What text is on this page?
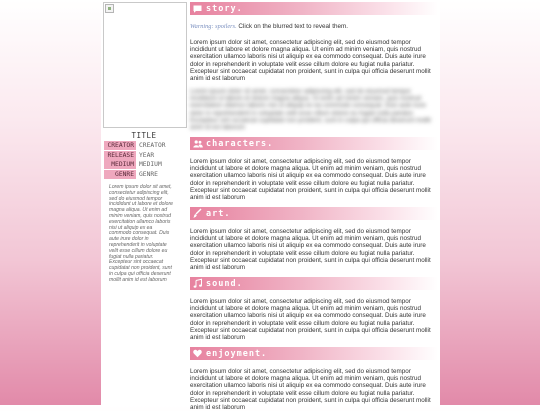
TITLE
CREATOR CREATOR
RELEASE YEAR
MEDIUM MEDIUM
GENRE GENRE
Lorem ipsum dolor sit amet, consectetur adipiscing elit, sed do eiusmod tempor incididunt ut labore et dolore magna aliqua. Ut enim ad minim veniam, quis nostrud exercitation ullamco laboris nisi ut aliquip ex ea commodo consequat. Duis aute irure dolor in reprehenderit in voluptate velit esse cillum dolore eu fugiat nulla pariatur. Excepteur sint occaecat cupidatat non proident, sunt in culpa qui officia deserunt mollit anim id est laborum
story.
Warning: spoilers. Click on the blurred text to reveal them.

Lorem ipsum dolor sit amet, consectetur adipiscing elit, sed do eiusmod tempor incididunt ut labore et dolore magna aliqua. Ut enim ad minim veniam, quis nostrud exercitation ullamco laboris nisi ut aliquip ex ea commodo consequat. Duis aute irure dolor in reprehenderit in voluptate velit esse cillum dolore eu fugiat nulla pariatur. Excepteur sint occaecat cupidatat non proident, sunt in culpa qui officia deserunt mollit anim id est laborum

Lorem ipsum dolor sit amet, consectetur adipiscing elit, sed do eiusmod tempor incididunt ut labore et dolore magna aliqua. Ut enim ad minim veniam, quis nostrud exercitation ullamco laboris nisi ut aliquip ex ea commodo consequat. Duis aute irure dolor in reprehenderit in voluptate velit esse cillum dolore eu fugiat nulla pariatur. Excepteur sint occaecat cupidatat non proident, sunt in culpa qui officia deserunt mollit anim id est laborum

characters.

Lorem ipsum dolor sit amet, consectetur adipiscing elit, sed do eiusmod tempor incididunt ut labore et dolore magna aliqua. Ut enim ad minim veniam, quis nostrud exercitation ullamco laboris nisi ut aliquip ex ea commodo consequat. Duis aute irure dolor in reprehenderit in voluptate velit esse cillum dolore eu fugiat nulla pariatur. Excepteur sint occaecat cupidatat non proident, sunt in culpa qui officia deserunt mollit anim id est laborum

art.

Lorem ipsum dolor sit amet, consectetur adipiscing elit, sed do eiusmod tempor incididunt ut labore et dolore magna aliqua. Ut enim ad minim veniam, quis nostrud exercitation ullamco laboris nisi ut aliquip ex ea commodo consequat. Duis aute irure dolor in reprehenderit in voluptate velit esse cillum dolore eu fugiat nulla pariatur. Excepteur sint occaecat cupidatat non proident, sunt in culpa qui officia deserunt mollit anim id est laborum

sound.

Lorem ipsum dolor sit amet, consectetur adipiscing elit, sed do eiusmod tempor incididunt ut labore et dolore magna aliqua. Ut enim ad minim veniam, quis nostrud exercitation ullamco laboris nisi ut aliquip ex ea commodo consequat. Duis aute irure dolor in reprehenderit in voluptate velit esse cillum dolore eu fugiat nulla pariatur. Excepteur sint occaecat cupidatat non proident, sunt in culpa qui officia deserunt mollit anim id est laborum

enjoyment.

Lorem ipsum dolor sit amet, consectetur adipiscing elit, sed do eiusmod tempor incididunt ut labore et dolore magna aliqua. Ut enim ad minim veniam, quis nostrud exercitation ullamco laboris nisi ut aliquip ex ea commodo consequat. Duis aute irure dolor in reprehenderit in voluptate velit esse cillum dolore eu fugiat nulla pariatur. Excepteur sint occaecat cupidatat non proident, sunt in culpa qui officia deserunt mollit anim id est laborum
